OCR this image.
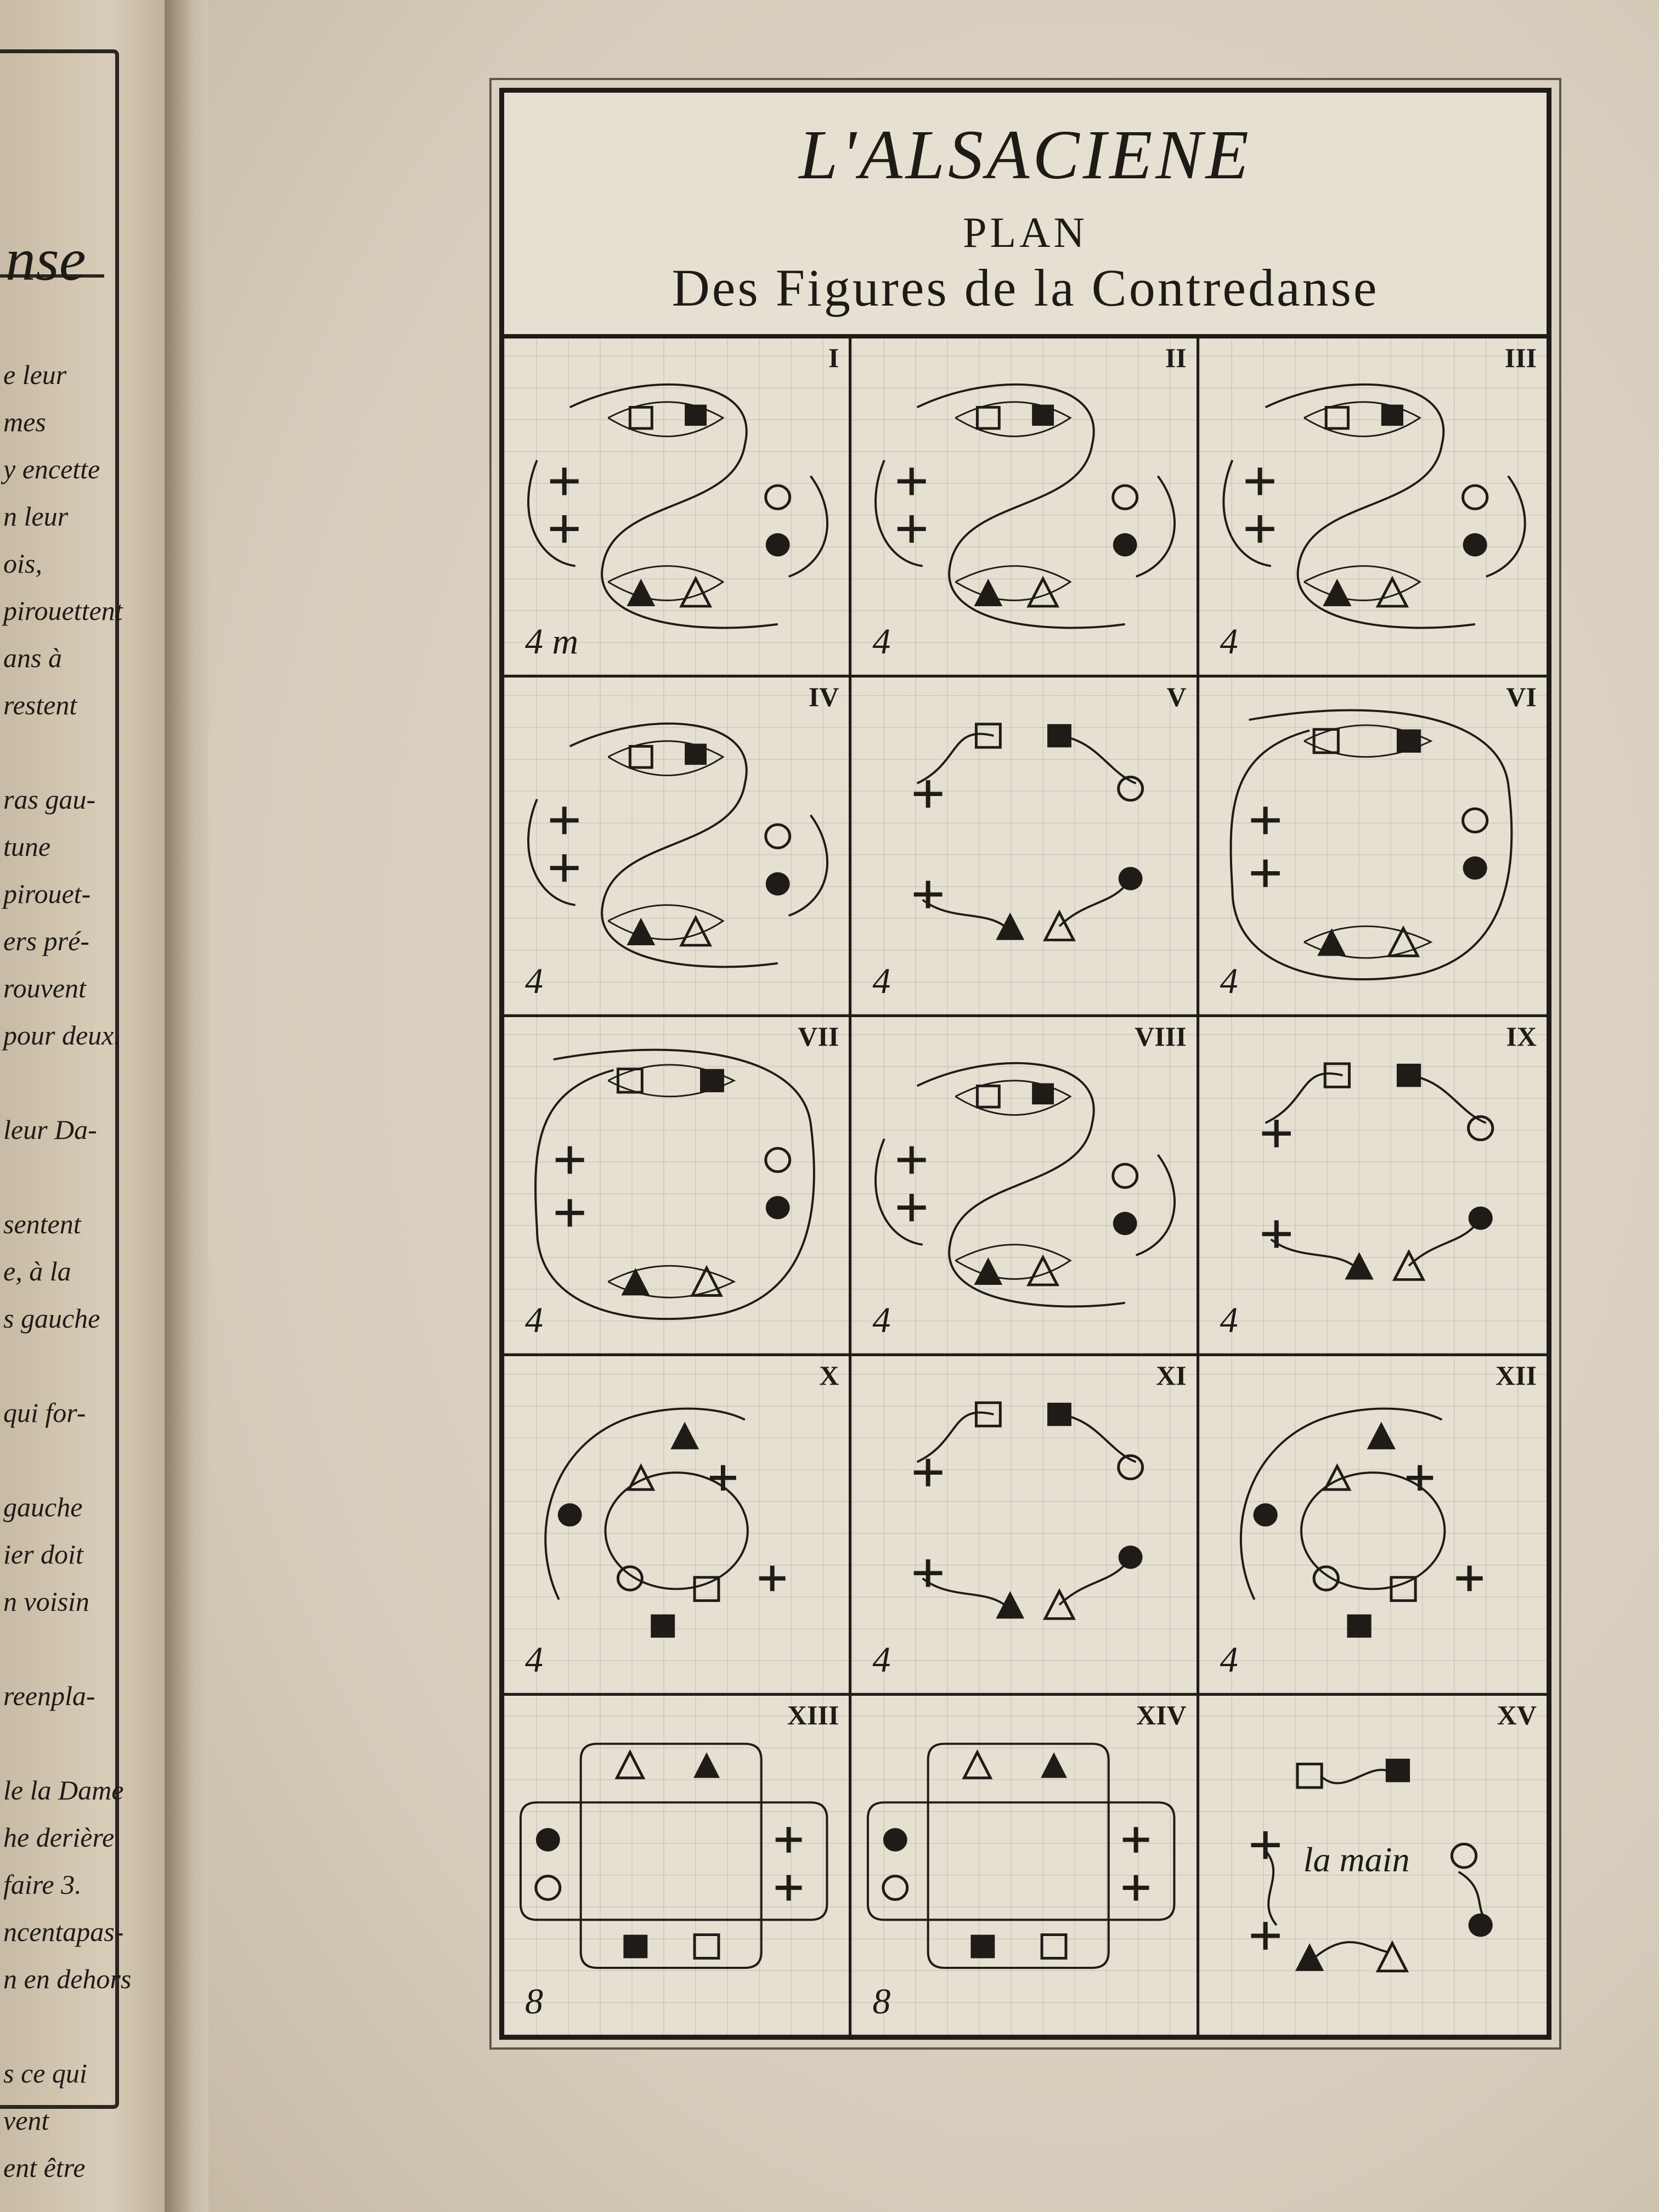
nse
e leur
mes
y encette
n leur
ois,
pirouettent
ans à
restent
ras gau-
tune
pirouet-
ers pré-
rouvent
pour deux.
leur Da-
sentent
e, à la
s gauche
qui for-
gauche
ier doit
n voisin
reenpla-
le la Dame
he derière
faire 3.
ncentapas-
n en dehors
s ce qui
vent
ent être
L'ALSACIENE
PLAN
Des Figures de la Contredanse
I
4 m
II
4
III
4
IV
4
V
4
VI
4
VII
4
VIII
4
IX
4
X
4
XI
4
XII
4
XIII
8
XIV
8
XV
la main
